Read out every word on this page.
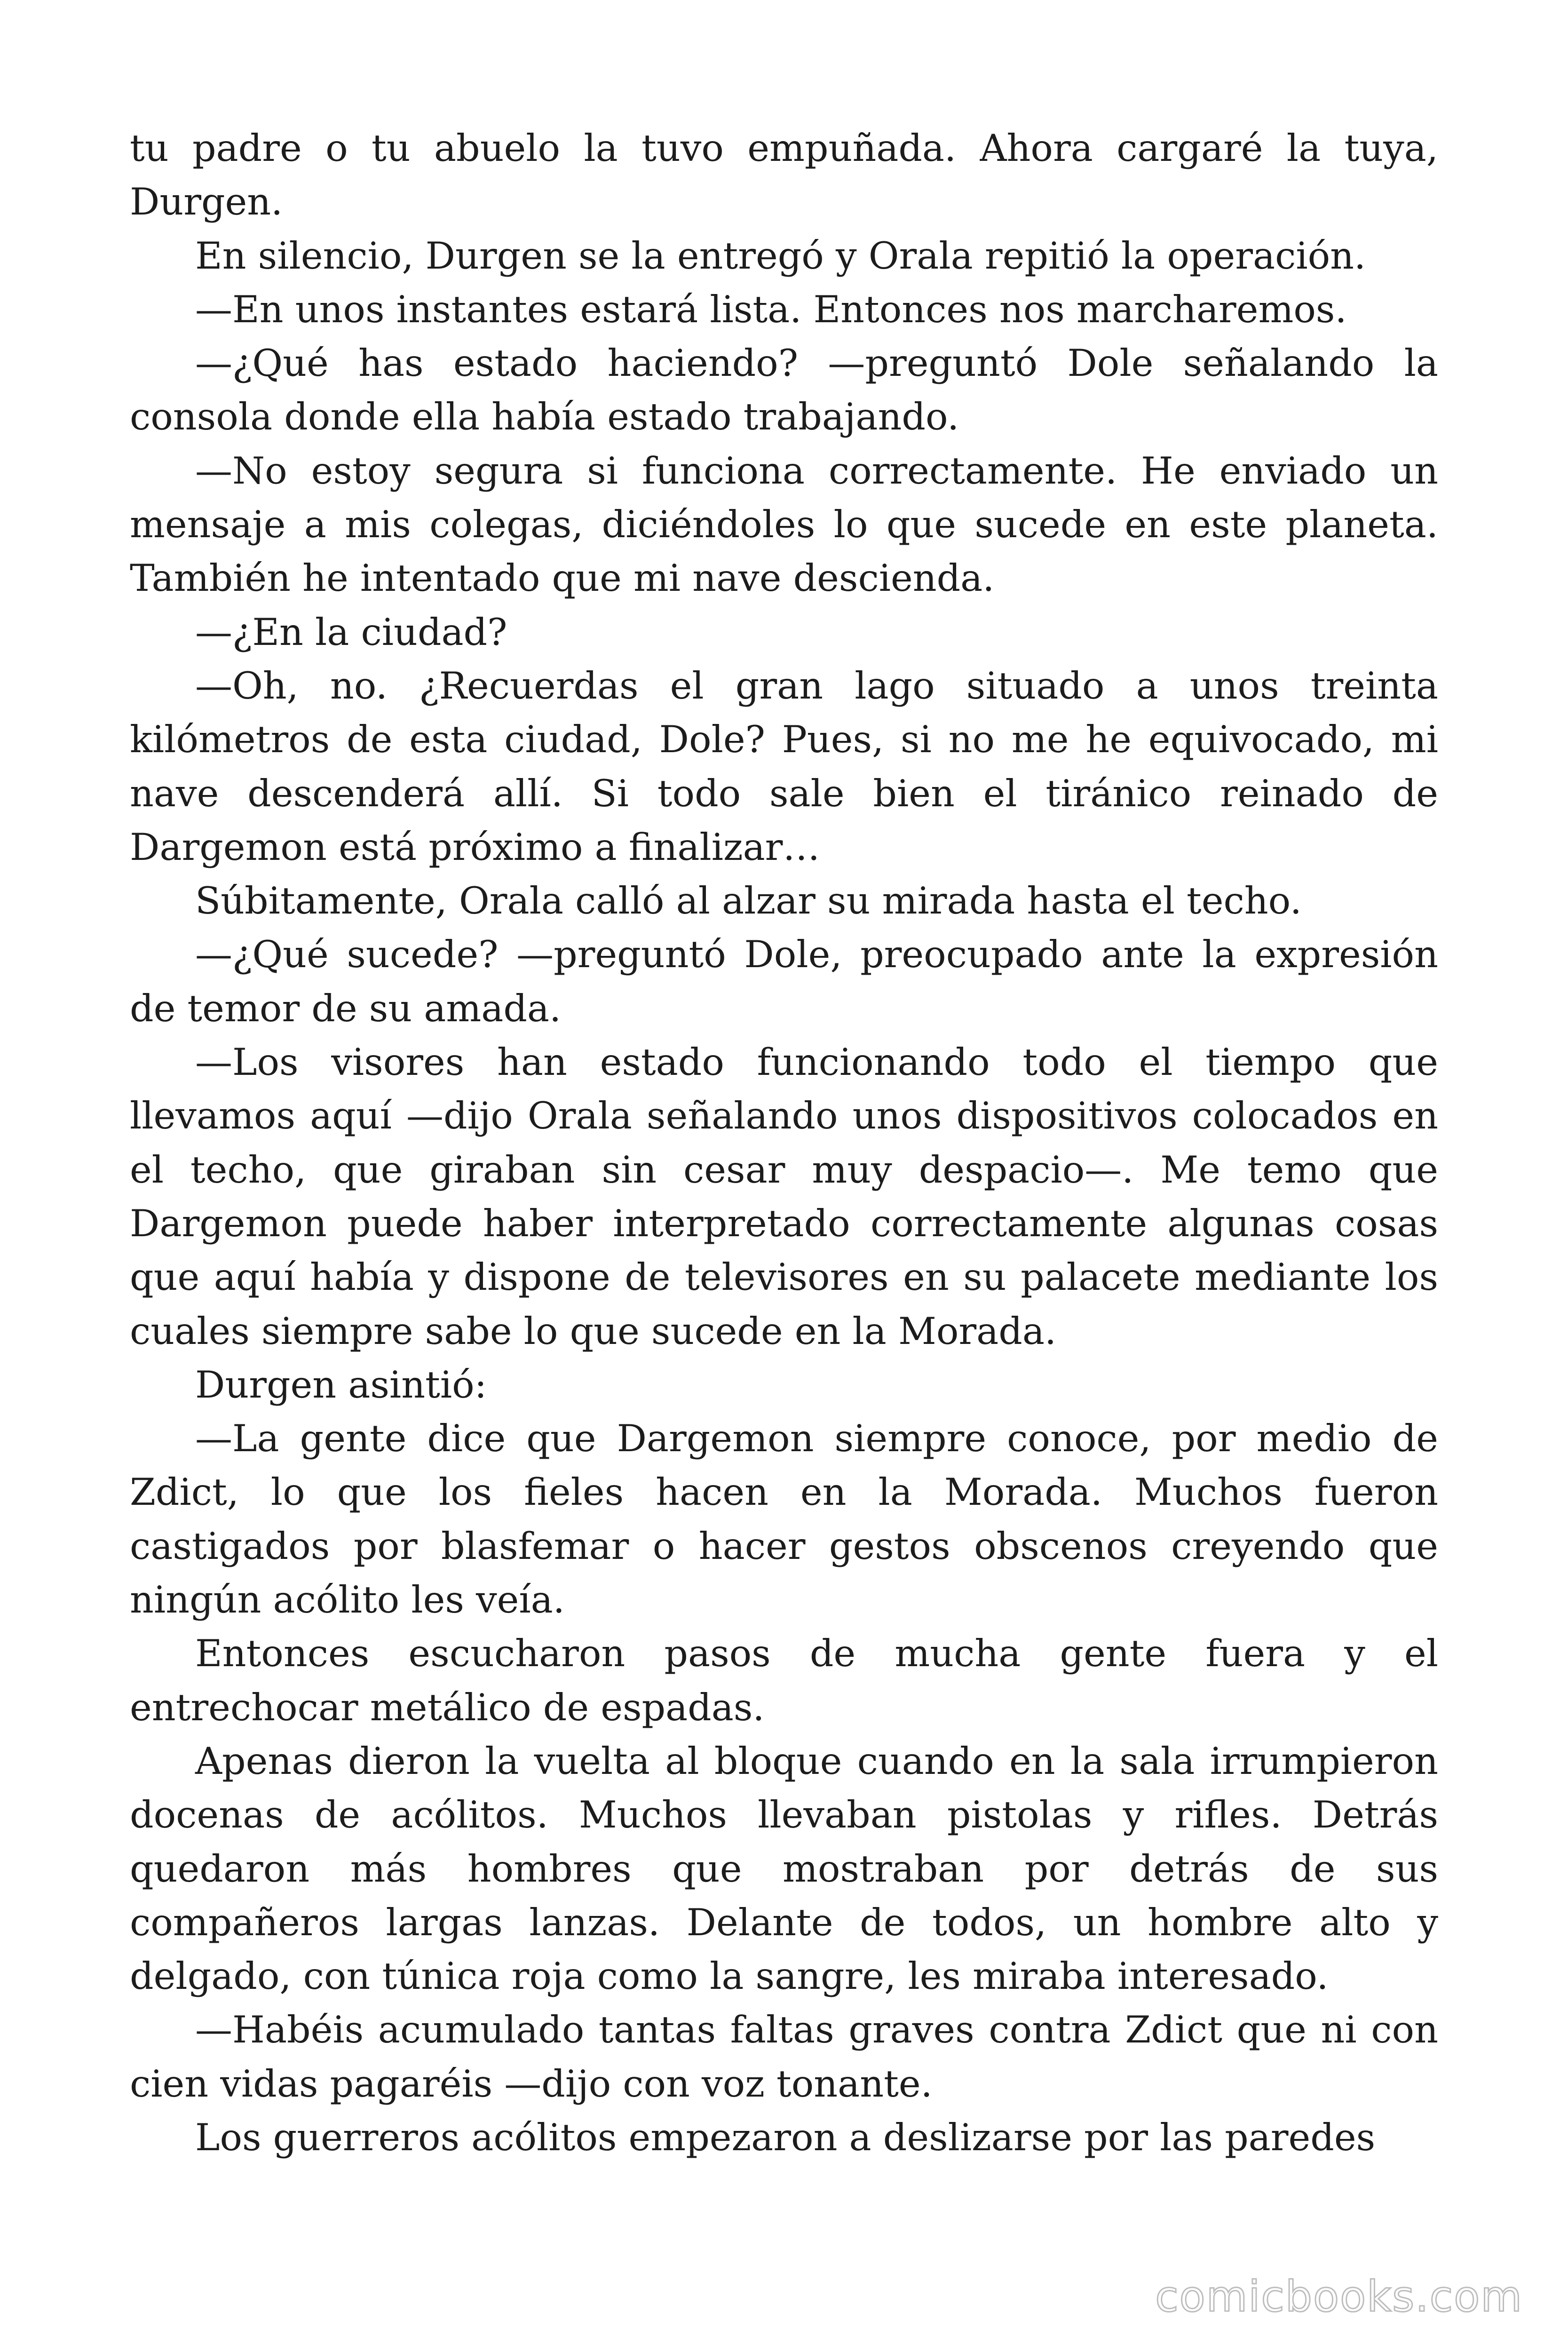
tu padre o tu abuelo la tuvo empuñada. Ahora cargaré la tuya, Durgen.

En silencio, Durgen se la entregó y Orala repitió la operación.

—En unos instantes estará lista. Entonces nos marcharemos.

—¿Qué has estado haciendo? —preguntó Dole señalando la consola donde ella había estado trabajando.

—No estoy segura si funciona correctamente. He enviado un mensaje a mis colegas, diciéndoles lo que sucede en este planeta. También he intentado que mi nave descienda.

—¿En la ciudad?

—Oh, no. ¿Recuerdas el gran lago situado a unos treinta kilómetros de esta ciudad, Dole? Pues, si no me he equivocado, mi nave descenderá allí. Si todo sale bien el tiránico reinado de Dargemon está próximo a finalizar…

Súbitamente, Orala calló al alzar su mirada hasta el techo.

—¿Qué sucede? —preguntó Dole, preocupado ante la expresión de temor de su amada.

—Los visores han estado funcionando todo el tiempo que llevamos aquí —dijo Orala señalando unos dispositivos colocados en el techo, que giraban sin cesar muy despacio—. Me temo que Dargemon puede haber interpretado correctamente algunas cosas que aquí había y dispone de televisores en su palacete mediante los cuales siempre sabe lo que sucede en la Morada.

Durgen asintió:

—La gente dice que Dargemon siempre conoce, por medio de Zdict, lo que los fieles hacen en la Morada. Muchos fueron castigados por blasfemar o hacer gestos obscenos creyendo que ningún acólito les veía.

Entonces escucharon pasos de mucha gente fuera y el entrechocar metálico de espadas.

Apenas dieron la vuelta al bloque cuando en la sala irrumpieron docenas de acólitos. Muchos llevaban pistolas y rifles. Detrás quedaron más hombres que mostraban por detrás de sus compañeros largas lanzas. Delante de todos, un hombre alto y delgado, con túnica roja como la sangre, les miraba interesado.

—Habéis acumulado tantas faltas graves contra Zdict que ni con cien vidas pagaréis —dijo con voz tonante.

Los guerreros acólitos empezaron a deslizarse por las paredes

comicbooks.com
